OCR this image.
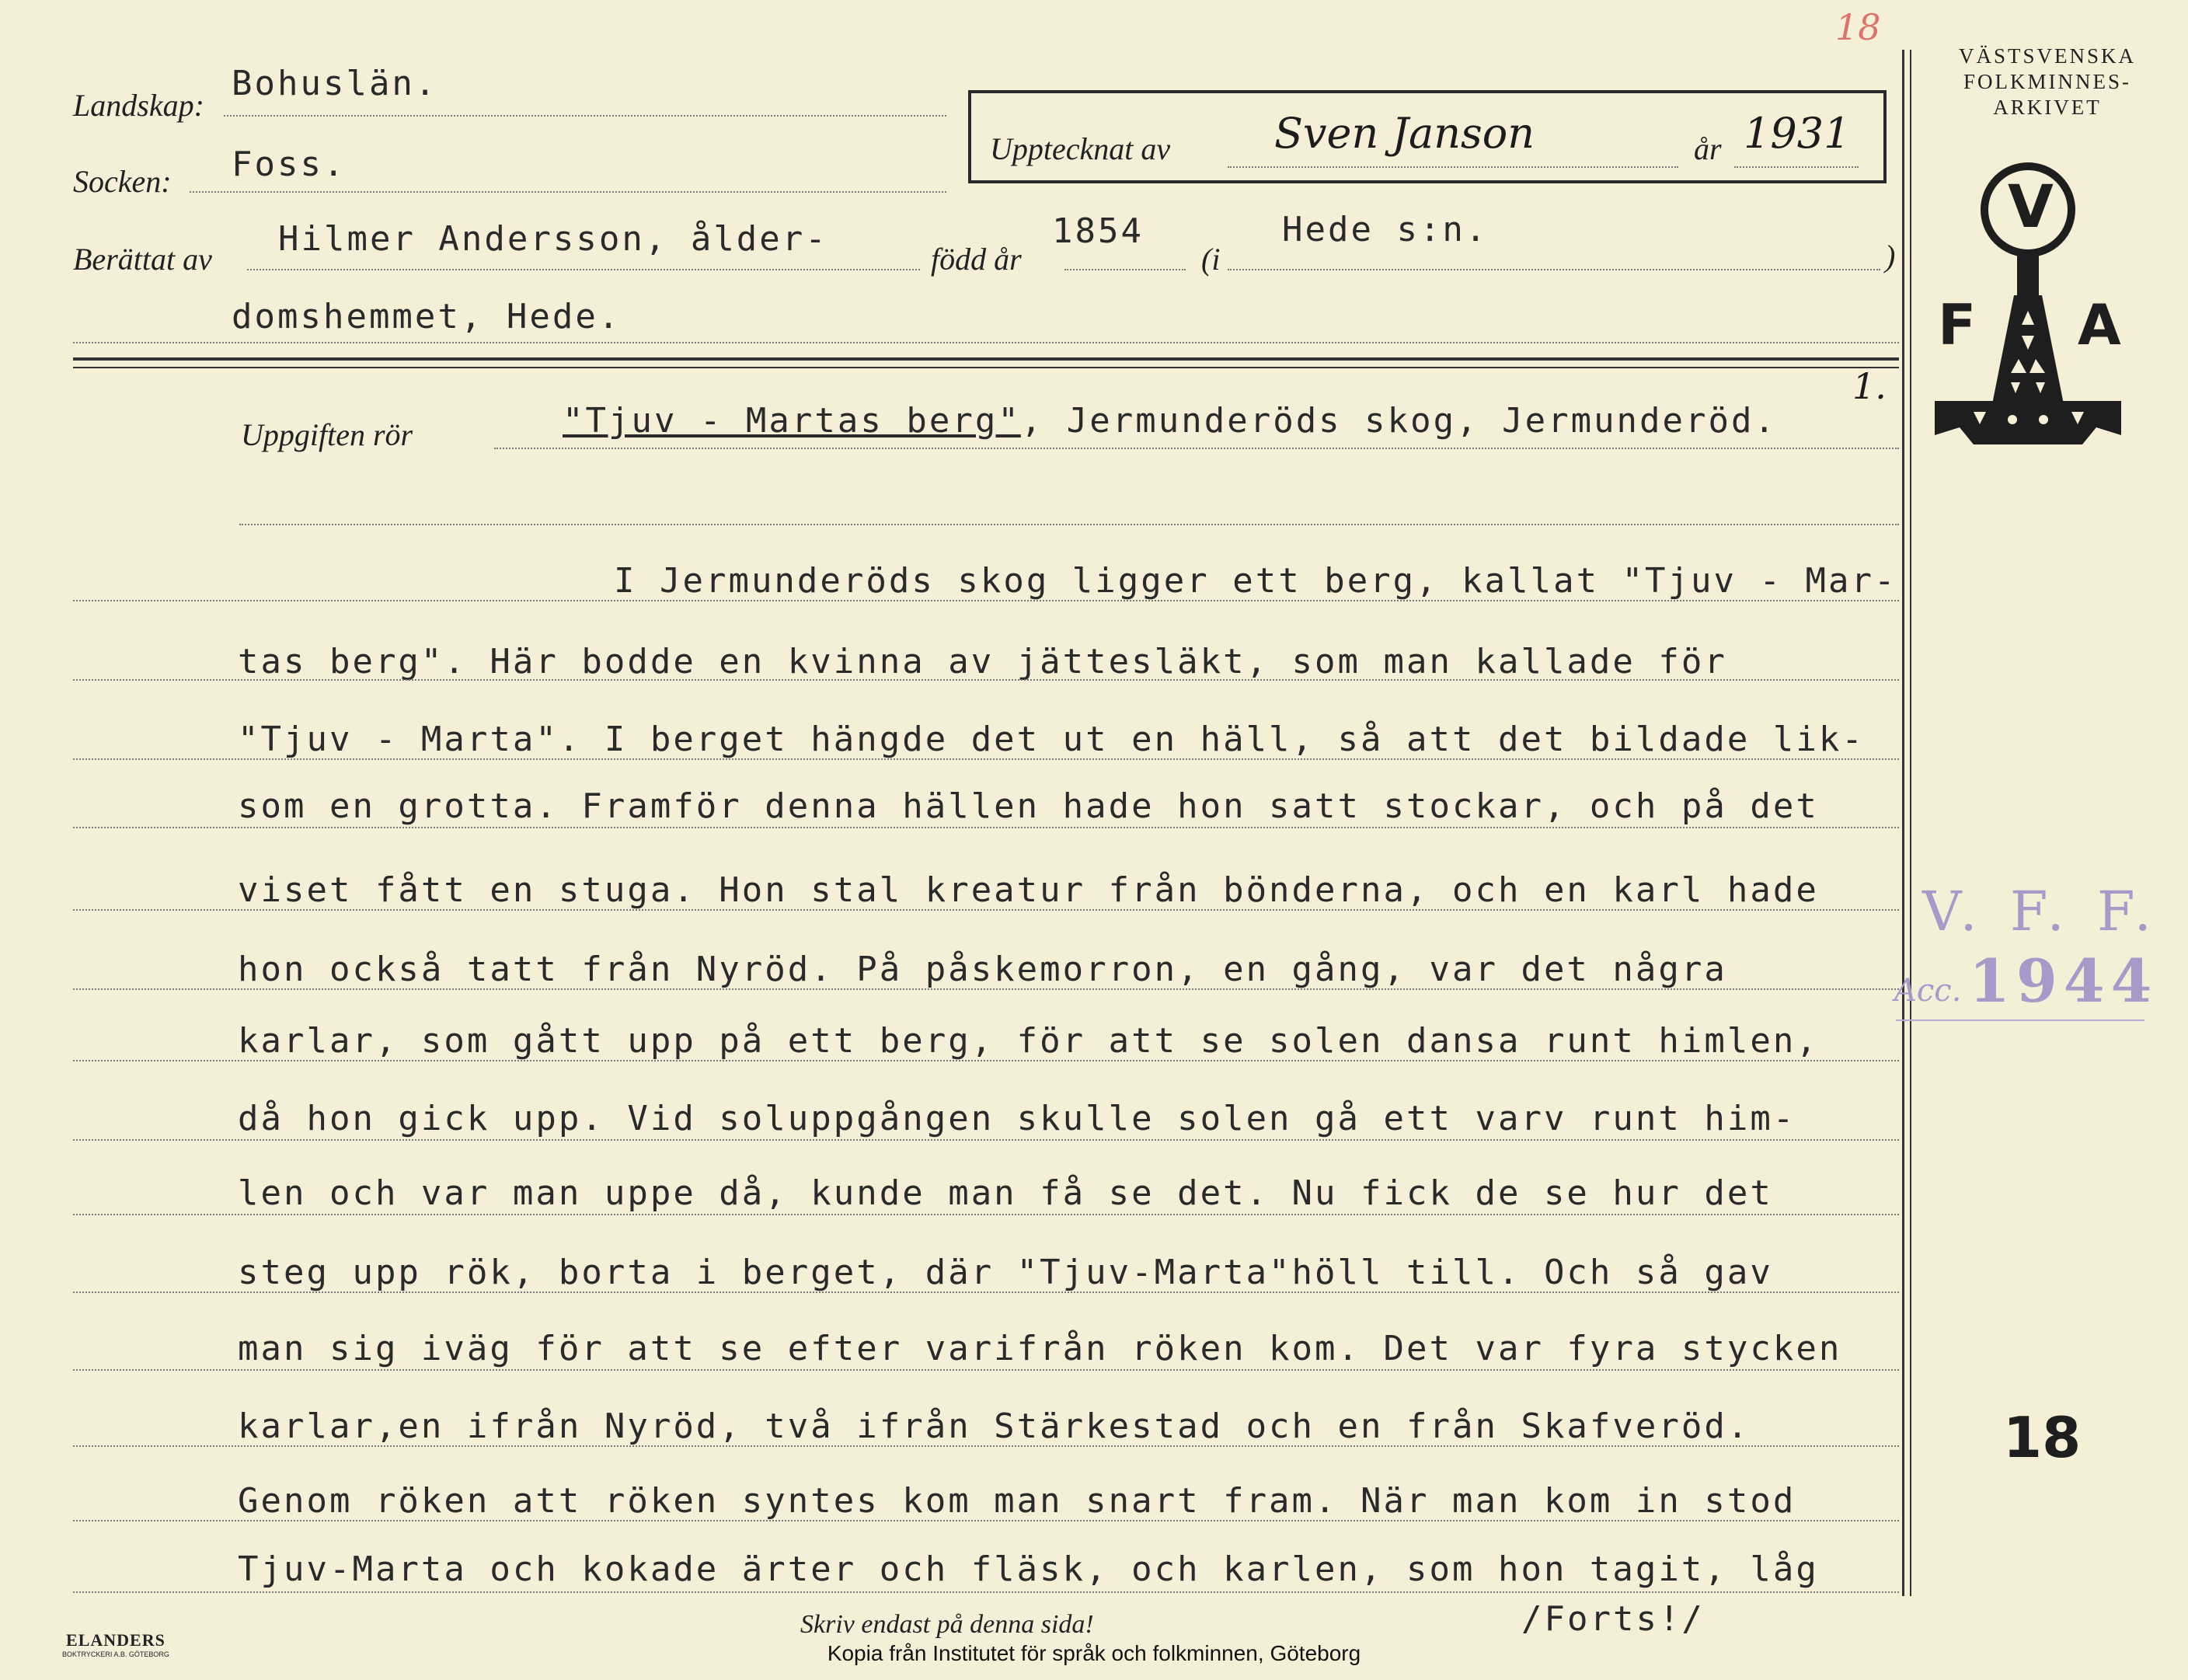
18
Landskap:
Bohuslän.
Socken: Foss.	Upptecknat av Sven Janson	år 1931
Berättat av
Hilmer Andersson, ålder-
född år
1854
(i
Hede s:n.
)
domshemmet, Hede.
VÄSTSVENSKA
FOLKMINNES-
ARKIVET
V
F A
V. F. F.
Acc. 1944
18
Uppgiften rör	"Tjuv - Martas berg", Jermunderöds skog, Jermunderöd.
1.
I Jermunderöds skog ligger ett berg, kallat "Tjuv - Mar-
tas berg". Här bodde en kvinna av jättesläkt, som man kallade för
"Tjuv - Marta". I berget hängde det ut en häll, så att det bildade lik-
som en grotta. Framför denna hällen hade hon satt stockar, och på det
viset fått en stuga. Hon stal kreatur från bönderna, och en karl hade
hon också tatt från Nyröd. På påskemorron, en gång, var det några
karlar, som gått upp på ett berg, för att se solen dansa runt himlen,
då hon gick upp. Vid soluppgången skulle solen gå ett varv runt him-
len och var man uppe då, kunde man få se det. Nu fick de se hur det
steg upp rök, borta i berget, där "Tjuv-Marta"höll till. Och så gav
man sig iväg för att se efter varifrån röken kom. Det var fyra stycken
karlar,en ifrån Nyröd, två ifrån Stärkestad och en från Skafveröd.
Genom röken att röken syntes kom man snart fram. När man kom in stod
Tjuv-Marta och kokade ärter och fläsk, och karlen, som hon tagit, låg
/Forts!/
Skriv endast på denna sida!
ELANDERS
BOKTRYCKERI A.B. GÖTEBORG	Kopia från Institutet för språk och folkminnen, Göteborg
